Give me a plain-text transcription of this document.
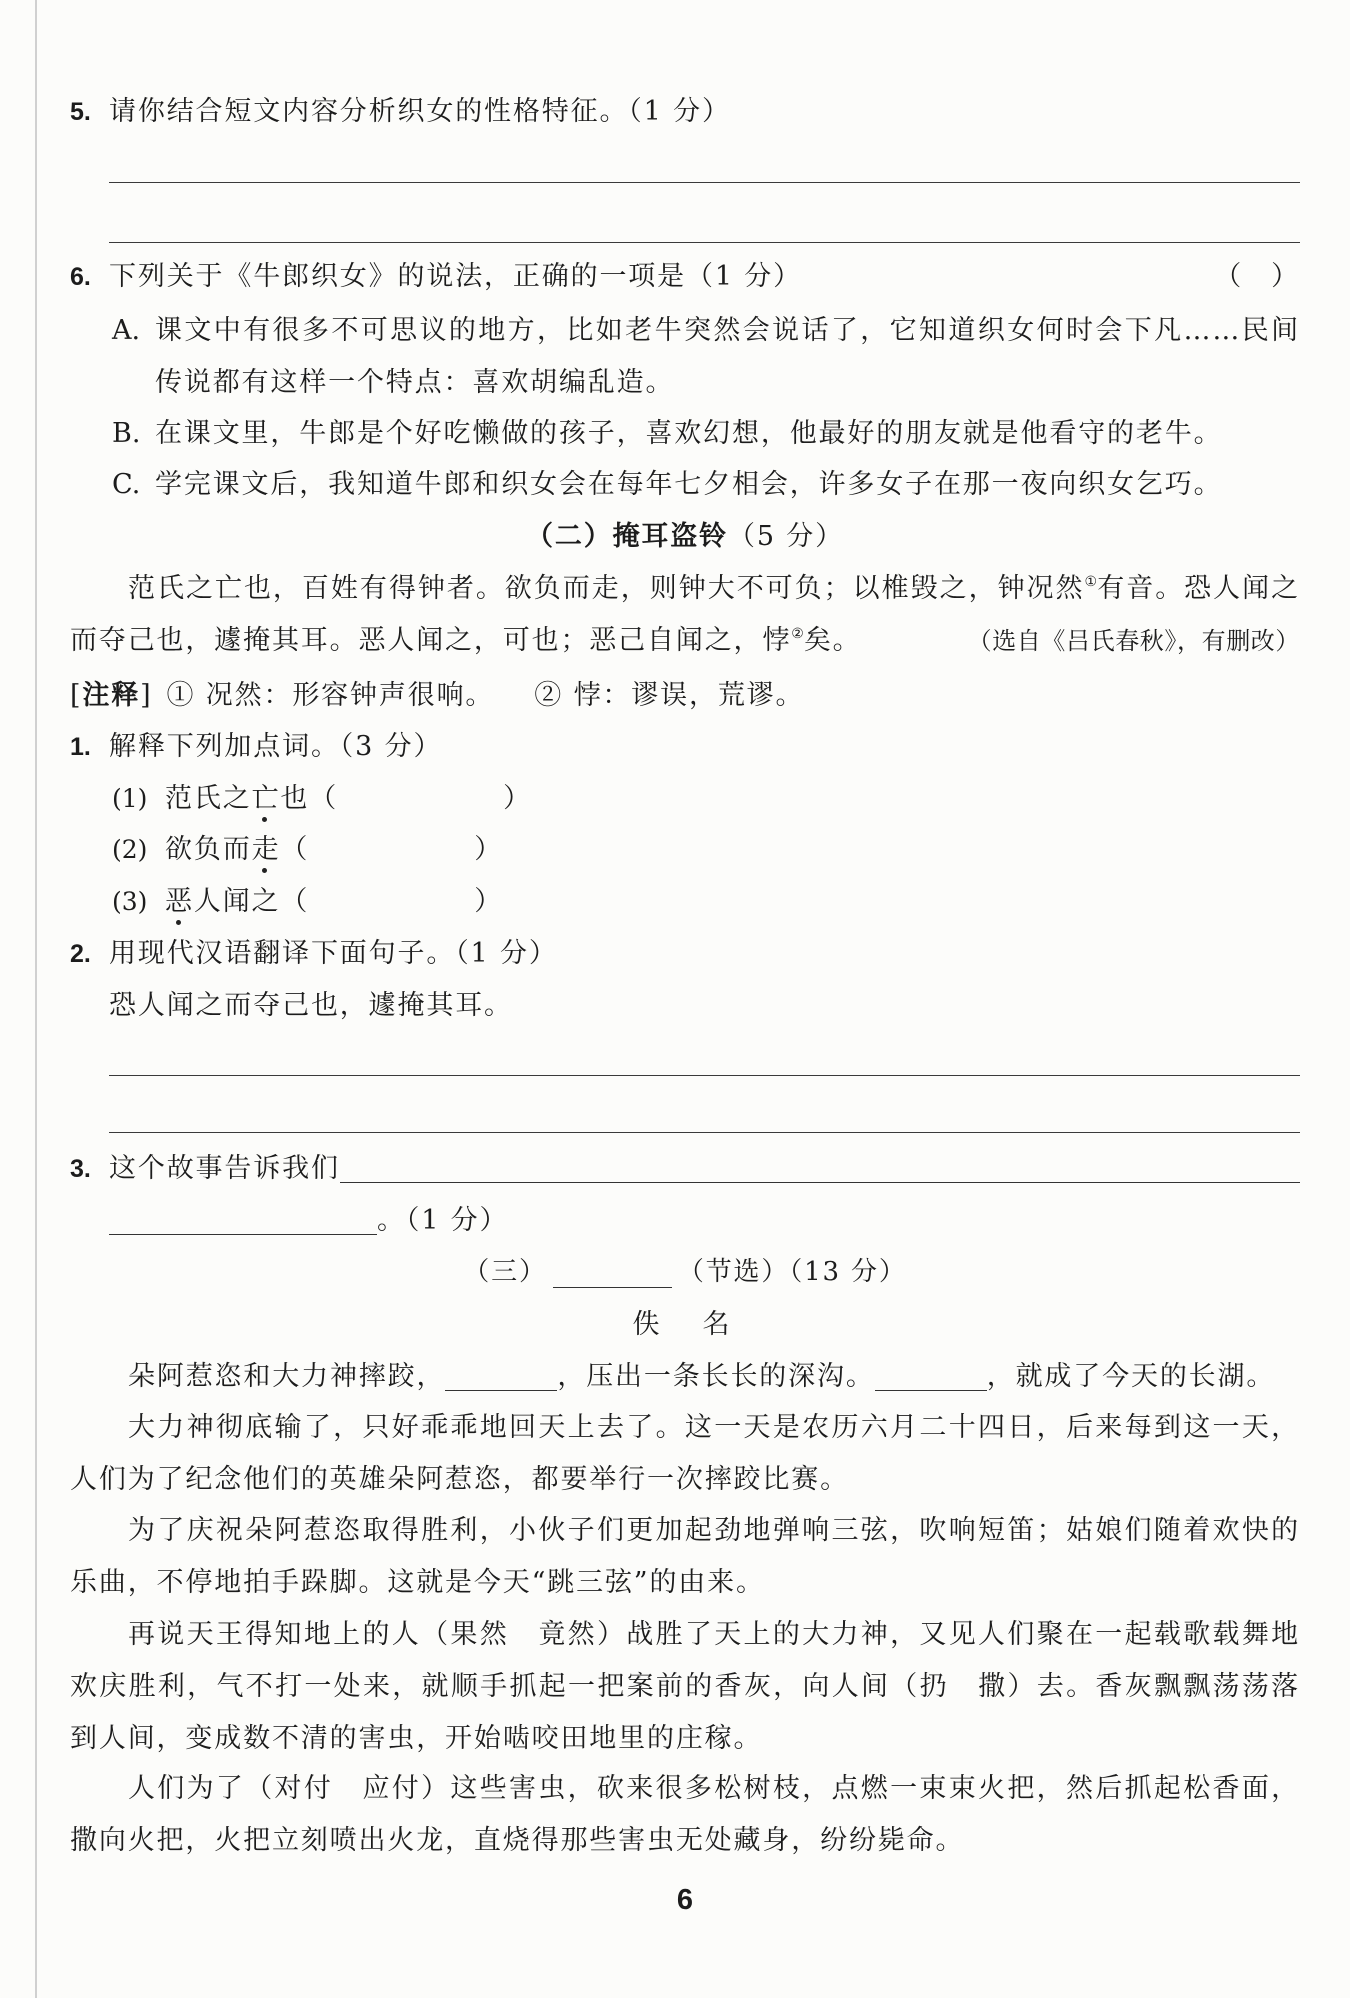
5. 请你结合短文内容分析织女的性格特征。（1 分）
6. 下列关于《牛郎织女》的说法，正确的一项是（1 分）	（ ）
A. 课文中有很多不可思议的地方，比如老牛突然会说话了，它知道织女何时会下凡……民间传说都有这样一个特点：喜欢胡编乱造。
B. 在课文里，牛郎是个好吃懒做的孩子，喜欢幻想，他最好的朋友就是他看守的老牛。
C. 学完课文后，我知道牛郎和织女会在每年七夕相会，许多女子在那一夜向织女乞巧。
（二）掩耳盗铃 （5 分）
范氏之亡也，百姓有得钟者。欲负而走，则钟大不可负；以椎毁之，钟况然①有音。恐人闻之而夺己也，遽掩其耳。恶人闻之，可也；恶己自闻之，悖②矣。	（选自《吕氏春秋》，有删改）
[ 注释 ] ① 况然：形容钟声很响。 ② 悖：谬误，荒谬。
1. 解释下列加点词。（3 分）
(1) 范氏之 亡 也 （	）
(2) 欲负而 走 （	）
(3) 恶 人闻之 （	）
2. 用现代汉语翻译下面句子。（1 分）
恐人闻之而夺己也，遽掩其耳。
3. 这个故事告诉我们
。（1 分）
（三）	（节选）（13 分）
佚　名
朵阿惹恣和大力神摔跤，	，压出一条长长的深沟。	，就成了今天的长湖。
大力神彻底输了，只好乖乖地回天上去了。这一天是农历六月二十四日，后来每到这一天，人们为了纪念他们的英雄朵阿惹恣，都要举行一次摔跤比赛。
为了庆祝朵阿惹恣取得胜利，小伙子们更加起劲地弹响三弦，吹响短笛；姑娘们随着欢快的乐曲，不停地拍手跺脚。这就是今天“跳三弦”的由来。
再说天王得知地上的人（果然　竟然）战胜了天上的大力神，又见人们聚在一起载歌载舞地欢庆胜利，气不打一处来，就顺手抓起一把案前的香灰，向人间（扔　撒）去。香灰飘飘荡荡落到人间，变成数不清的害虫，开始啮咬田地里的庄稼。
人们为了（对付　应付）这些害虫，砍来很多松树枝，点燃一束束火把，然后抓起松香面，撒向火把，火把立刻喷出火龙，直烧得那些害虫无处藏身，纷纷毙命。
6
